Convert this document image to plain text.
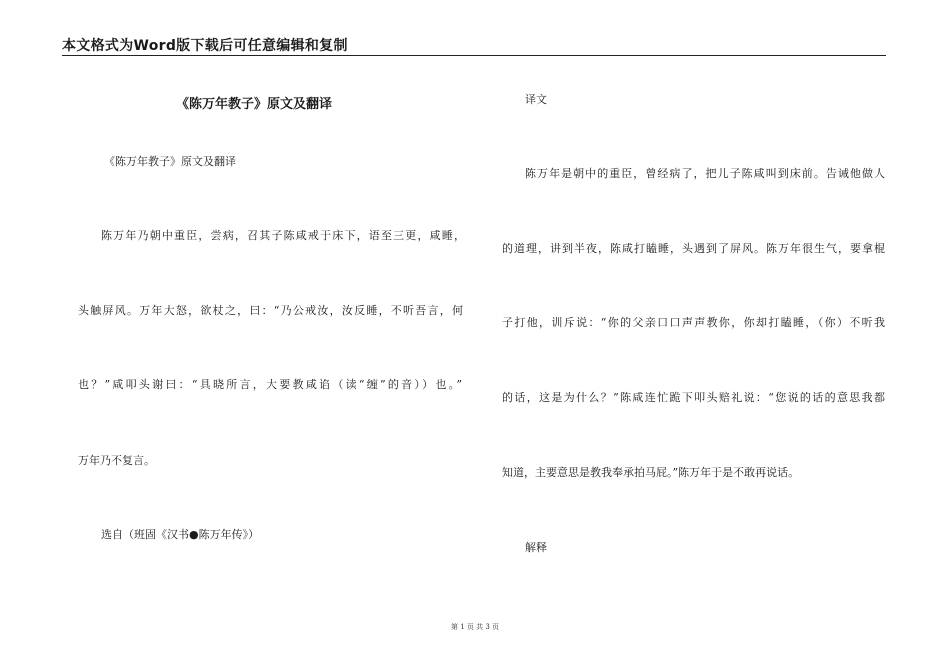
本文格式为Word版下载后可任意编辑和复制
《陈万年教子》原文及翻译
《陈万年教子》原文及翻译
陈万年乃朝中重臣，尝病，召其子陈咸戒于床下，语至三更，咸睡，
头触屏风。万年大怒，欲杖之，曰：“乃公戒汝，汝反睡，不听吾言，何
也？”咸叩头谢曰：“具晓所言，大要教咸谄（读“缠”的音））也。”
万年乃不复言。
选自（班固《汉书●陈万年传》）
译文
陈万年是朝中的重臣，曾经病了，把儿子陈咸叫到床前。告诫他做人
的道理，讲到半夜，陈咸打瞌睡，头遇到了屏风。陈万年很生气，要拿棍
子打他，训斥说：“你的父亲口口声声教你，你却打瞌睡，（你）不听我
的话，这是为什么？”陈咸连忙跪下叩头赔礼说：“您说的话的意思我都
知道，主要意思是教我奉承拍马屁。”陈万年于是不敢再说话。
解释
第 1 页 共 3 页
